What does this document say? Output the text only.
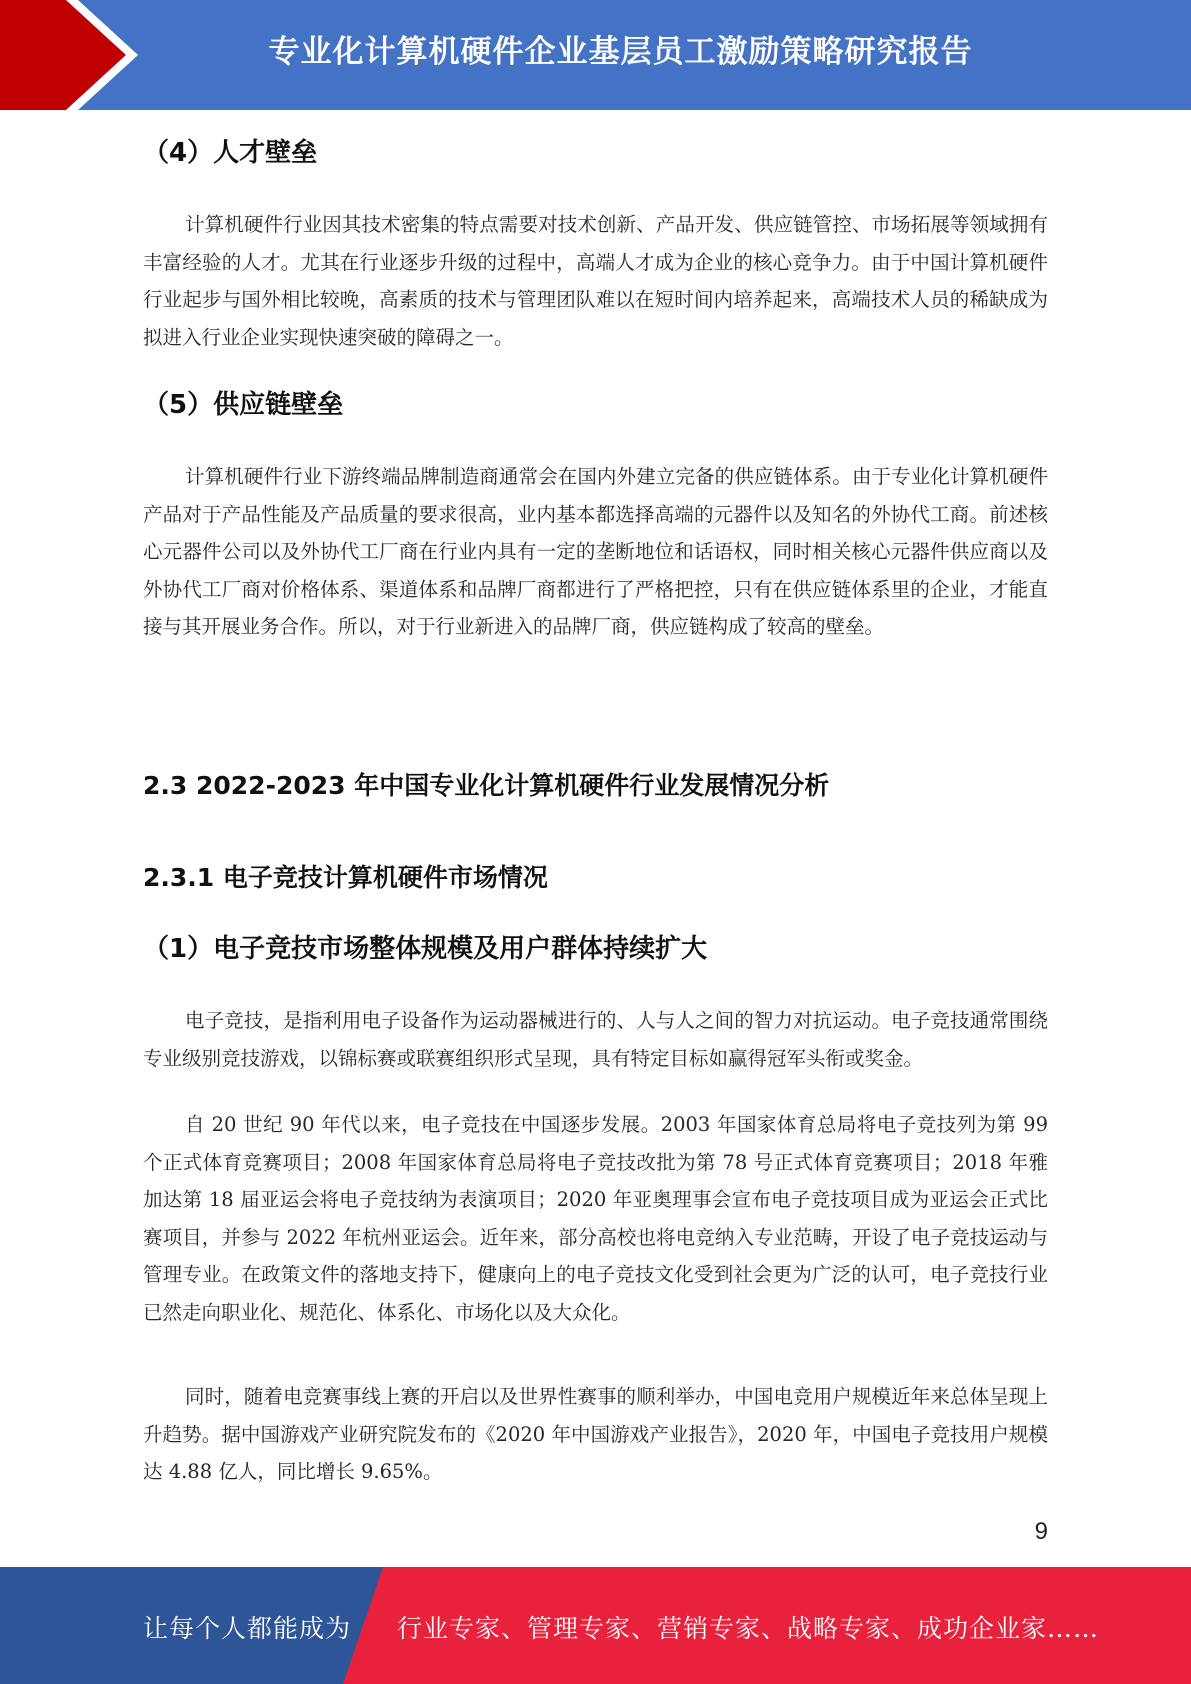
专业化计算机硬件企业基层员工激励策略研究报告
（4）人才壁垒

计算机硬件行业因其技术密集的特点需要对技术创新、产品开发、供应链管控、市场拓展等领域拥有丰富经验的人才。尤其在行业逐步升级的过程中，高端人才成为企业的核心竞争力。由于中国计算机硬件行业起步与国外相比较晚，高素质的技术与管理团队难以在短时间内培养起来，高端技术人员的稀缺成为拟进入行业企业实现快速突破的障碍之一。

（5）供应链壁垒

计算机硬件行业下游终端品牌制造商通常会在国内外建立完备的供应链体系。由于专业化计算机硬件产品对于产品性能及产品质量的要求很高，业内基本都选择高端的元器件以及知名的外协代工商。前述核心元器件公司以及外协代工厂商在行业内具有一定的垄断地位和话语权，同时相关核心元器件供应商以及外协代工厂商对价格体系、渠道体系和品牌厂商都进行了严格把控，只有在供应链体系里的企业，才能直接与其开展业务合作。所以，对于行业新进入的品牌厂商，供应链构成了较高的壁垒。

2.3 2022-2023 年中国专业化计算机硬件行业发展情况分析
2.3.1 电子竞技计算机硬件市场情况
（1）电子竞技市场整体规模及用户群体持续扩大

电子竞技，是指利用电子设备作为运动器械进行的、人与人之间的智力对抗运动。电子竞技通常围绕专业级别竞技游戏，以锦标赛或联赛组织形式呈现，具有特定目标如赢得冠军头衔或奖金。

自 20 世纪 90 年代以来，电子竞技在中国逐步发展。2003 年国家体育总局将电子竞技列为第 99 个正式体育竞赛项目；2008 年国家体育总局将电子竞技改批为第 78 号正式体育竞赛项目；2018 年雅加达第 18 届亚运会将电子竞技纳为表演项目；2020 年亚奥理事会宣布电子竞技项目成为亚运会正式比赛项目，并参与 2022 年杭州亚运会。近年来，部分高校也将电竞纳入专业范畴，开设了电子竞技运动与管理专业。在政策文件的落地支持下，健康向上的电子竞技文化受到社会更为广泛的认可，电子竞技行业已然走向职业化、规范化、体系化、市场化以及大众化。

同时，随着电竞赛事线上赛的开启以及世界性赛事的顺利举办，中国电竞用户规模近年来总体呈现上升趋势。据中国游戏产业研究院发布的《2020 年中国游戏产业报告》，2020 年，中国电子竞技用户规模达 4.88 亿人，同比增长 9.65%。

9
让每个人都能成为 行业专家、管理专家、营销专家、战略专家、成功企业家……
